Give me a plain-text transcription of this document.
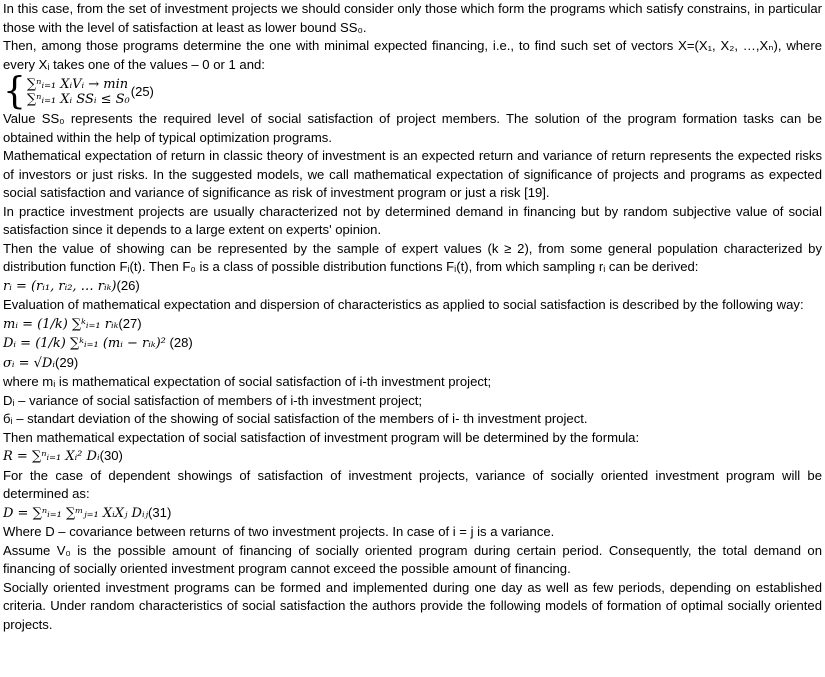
In this case, from the set of investment projects we should consider only those which form the programs which satisfy constrains, in particular those with the level of satisfaction at least as lower bound SS₀.

Then, among those programs determine the one with minimal expected financing, i.e., to find such set of vectors X=(X₁, X₂, …,Xₙ), where every Xᵢ takes one of the values – 0 or 1 and:

{ ∑ⁿᵢ₌₁ XᵢVᵢ → min
∑ⁿᵢ₌₁ Xᵢ SSᵢ ≤ S₀
(25)

Value SS₀ represents the required level of social satisfaction of project members. The solution of the program formation tasks can be obtained within the help of typical optimization programs.

Mathematical expectation of return in classic theory of investment is an expected return and variance of return represents the expected risks of investors or just risks. In the suggested models, we call mathematical expectation of significance of projects and programs as expected social satisfaction and variance of significance as risk of investment program or just a risk [19].

In practice investment projects are usually characterized not by determined demand in financing but by random subjective value of social satisfaction since it depends to a large extent on experts' opinion.

Then the value of showing can be represented by the sample of expert values (k ≥ 2), from some general population characterized by distribution function Fᵢ(t). Then F₀ is a class of possible distribution functions Fᵢ(t), from which sampling rᵢ can be derived:

rᵢ = (rᵢ₁, rᵢ₂, … rᵢₖ)(26)

Evaluation of mathematical expectation and dispersion of characteristics as applied to social satisfaction is described by the following way:

mᵢ = (1/k) ∑ᵏᵢ₌₁ rᵢₖ(27)

Dᵢ = (1/k) ∑ᵏᵢ₌₁ (mᵢ − rᵢₖ)² (28)

σᵢ = √Dᵢ(29)

where mᵢ is mathematical expectation of social satisfaction of i-th investment project;

Dᵢ – variance of social satisfaction of members of i-th investment project;

бᵢ – standart deviation of the showing of social satisfaction of the members of i- th investment project.

Then mathematical expectation of social satisfaction of investment program will be determined by the formula:

R = ∑ⁿᵢ₌₁ Xᵢ² Dᵢ(30)

For the case of dependent showings of satisfaction of investment projects, variance of socially oriented investment program will be determined as:

D = ∑ⁿᵢ₌₁ ∑ᵐⱼ₌₁ XᵢXⱼ Dᵢⱼ(31)

Where D – covariance between returns of two investment projects. In case of i = j is a variance.

Assume V₀ is the possible amount of financing of socially oriented program during certain period. Consequently, the total demand on financing of socially oriented investment program cannot exceed the possible amount of financing.

Socially oriented investment programs can be formed and implemented during one day as well as few periods, depending on established criteria. Under random characteristics of social satisfaction the authors provide the following models of formation of optimal socially oriented projects.
